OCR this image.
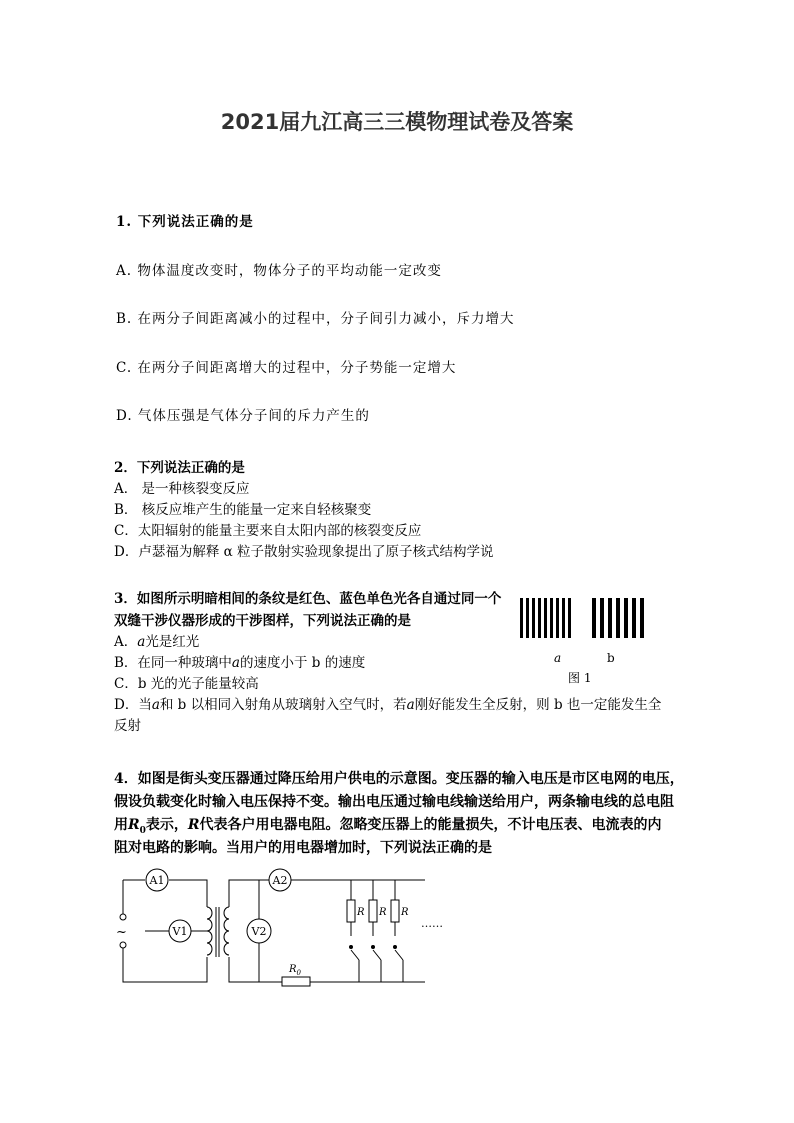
2021届九江高三三模物理试卷及答案
1. 下列说法正确的是
A. 物体温度改变时，物体分子的平均动能一定改变
B. 在两分子间距离减小的过程中，分子间引力减小，斥力增大
C. 在两分子间距离增大的过程中，分子势能一定增大
D. 气体压强是气体分子间的斥力产生的
2．下列说法正确的是
A． 是一种核裂变反应
B． 核反应堆产生的能量一定来自轻核聚变
C．太阳辐射的能量主要来自太阳内部的核裂变反应
D．卢瑟福为解释 α 粒子散射实验现象提出了原子核式结构学说
3．如图所示明暗相间的条纹是红色、蓝色单色光各自通过同一个
双缝干涉仪器形成的干涉图样，下列说法正确的是
A．a光是红光
B．在同一种玻璃中a的速度小于 b 的速度
C．b 光的光子能量较高
D．当a和 b 以相同入射角从玻璃射入空气时，若a刚好能发生全反射，则 b 也一定能发生全
反射
a	b
图 1
4．如图是街头变压器通过降压给用户供电的示意图。变压器的输入电压是市区电网的电压，
假设负载变化时输入电压保持不变。输出电压通过输电线输送给用户，两条输电线的总电阻
用$R_0$表示，R代表各户用电器电阻。忽略变压器上的能量损失，不计电压表、电流表的内
阻对电路的影响。当用户的用电器增加时，下列说法正确的是
A1
V1
A2
V2
~
$R_0$
R R R
……
